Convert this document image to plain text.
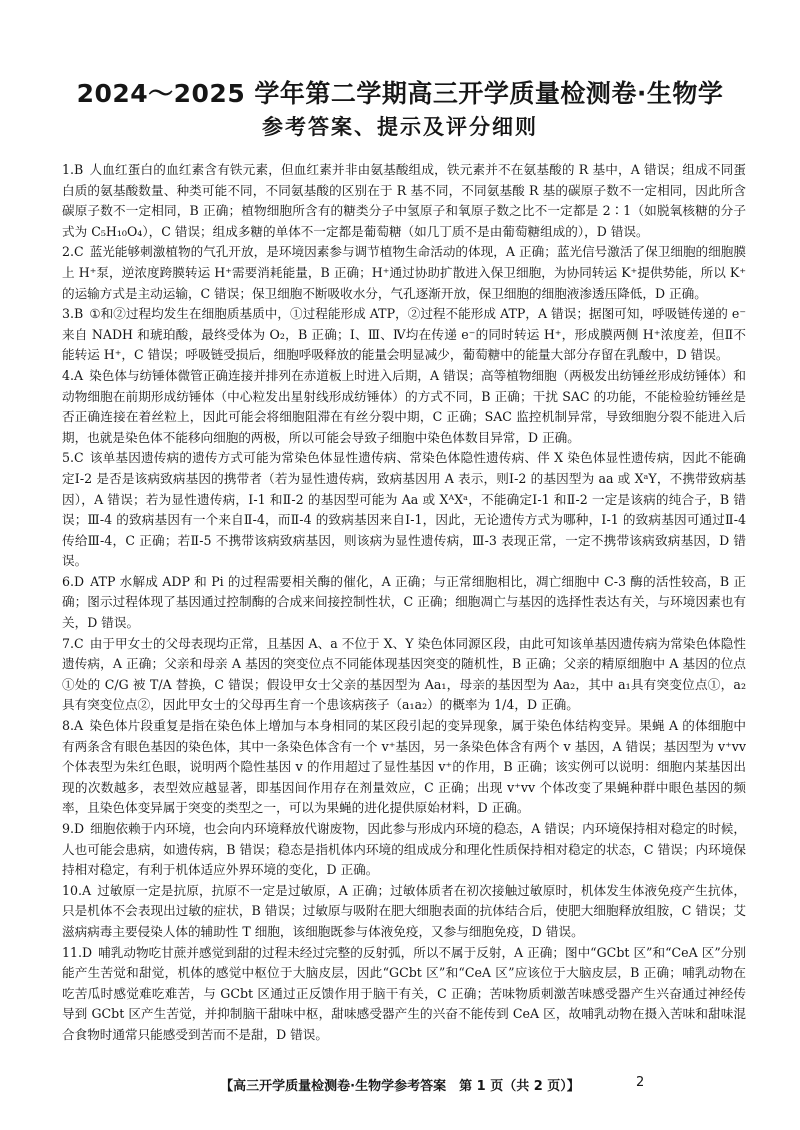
2024～2025 学年第二学期高三开学质量检测卷·生物学
参考答案、提示及评分细则

1.B 人血红蛋白的血红素含有铁元素，但血红素并非由氨基酸组成，铁元素并不在氨基酸的 R 基中，A 错误；组成不同蛋白质的氨基酸数量、种类可能不同，不同氨基酸的区别在于 R 基不同，不同氨基酸 R 基的碳原子数不一定相同，因此所含碳原子数不一定相同，B 正确；植物细胞所含有的糖类分子中氢原子和氧原子数之比不一定都是 2∶1（如脱氧核糖的分子式为 C₅H₁₀O₄），C 错误；组成多糖的单体不一定都是葡萄糖（如几丁质不是由葡萄糖组成的），D 错误。

2.C 蓝光能够刺激植物的气孔开放，是环境因素参与调节植物生命活动的体现，A 正确；蓝光信号激活了保卫细胞的细胞膜上 H⁺泵，逆浓度跨膜转运 H⁺需要消耗能量，B 正确；H⁺通过协助扩散进入保卫细胞，为协同转运 K⁺提供势能，所以 K⁺的运输方式是主动运输，C 错误；保卫细胞不断吸收水分，气孔逐渐开放，保卫细胞的细胞液渗透压降低，D 正确。

3.B ①和②过程均发生在细胞质基质中，①过程能形成 ATP，②过程不能形成 ATP，A 错误；据图可知，呼吸链传递的 e⁻来自 NADH 和琥珀酸，最终受体为 O₂，B 正确；Ⅰ、Ⅲ、Ⅳ均在传递 e⁻的同时转运 H⁺，形成膜两侧 H⁺浓度差，但Ⅱ不能转运 H⁺，C 错误；呼吸链受损后，细胞呼吸释放的能量会明显减少，葡萄糖中的能量大部分存留在乳酸中，D 错误。

4.A 染色体与纺锤体微管正确连接并排列在赤道板上时进入后期，A 错误；高等植物细胞（两极发出纺锤丝形成纺锤体）和动物细胞在前期形成纺锤体（中心粒发出星射线形成纺锤体）的方式不同，B 正确；干扰 SAC 的功能，不能检验纺锤丝是否正确连接在着丝粒上，因此可能会将细胞阻滞在有丝分裂中期，C 正确；SAC 监控机制异常，导致细胞分裂不能进入后期，也就是染色体不能移向细胞的两极，所以可能会导致子细胞中染色体数目异常，D 正确。

5.C 该单基因遗传病的遗传方式可能为常染色体显性遗传病、常染色体隐性遗传病、伴 X 染色体显性遗传病，因此不能确定Ⅰ-2 是否是该病致病基因的携带者（若为显性遗传病，致病基因用 A 表示，则Ⅰ-2 的基因型为 aa 或 XᵃY，不携带致病基因），A 错误；若为显性遗传病，Ⅰ-1 和Ⅱ-2 的基因型可能为 Aa 或 XᴬXᵃ，不能确定Ⅰ-1 和Ⅱ-2 一定是该病的纯合子，B 错误；Ⅲ-4 的致病基因有一个来自Ⅱ-4，而Ⅱ-4 的致病基因来自Ⅰ-1，因此，无论遗传方式为哪种，Ⅰ-1 的致病基因可通过Ⅱ-4 传给Ⅲ-4，C 正确；若Ⅱ-5 不携带该病致病基因，则该病为显性遗传病，Ⅲ-3 表现正常，一定不携带该病致病基因，D 错误。

6.D ATP 水解成 ADP 和 Pi 的过程需要相关酶的催化，A 正确；与正常细胞相比，凋亡细胞中 C-3 酶的活性较高，B 正确；图示过程体现了基因通过控制酶的合成来间接控制性状，C 正确；细胞凋亡与基因的选择性表达有关，与环境因素也有关，D 错误。

7.C 由于甲女士的父母表现均正常，且基因 A、a 不位于 X、Y 染色体同源区段，由此可知该单基因遗传病为常染色体隐性遗传病，A 正确；父亲和母亲 A 基因的突变位点不同能体现基因突变的随机性，B 正确；父亲的精原细胞中 A 基因的位点①处的 C/G 被 T/A 替换，C 错误；假设甲女士父亲的基因型为 Aa₁，母亲的基因型为 Aa₂，其中 a₁具有突变位点①，a₂具有突变位点②，因此甲女士的父母再生育一个患该病孩子（a₁a₂）的概率为 1/4，D 正确。

8.A 染色体片段重复是指在染色体上增加与本身相同的某区段引起的变异现象，属于染色体结构变异。果蝇 A 的体细胞中有两条含有眼色基因的染色体，其中一条染色体含有一个 v⁺基因，另一条染色体含有两个 v 基因，A 错误；基因型为 v⁺vv 个体表型为朱红色眼，说明两个隐性基因 v 的作用超过了显性基因 v⁺的作用，B 正确；该实例可以说明：细胞内某基因出现的次数越多，表型效应越显著，即基因间作用存在剂量效应，C 正确；出现 v⁺vv 个体改变了果蝇种群中眼色基因的频率，且染色体变异属于突变的类型之一，可以为果蝇的进化提供原始材料，D 正确。

9.D 细胞依赖于内环境，也会向内环境释放代谢废物，因此参与形成内环境的稳态，A 错误；内环境保持相对稳定的时候，人也可能会患病，如遗传病，B 错误；稳态是指机体内环境的组成成分和理化性质保持相对稳定的状态，C 错误；内环境保持相对稳定，有利于机体适应外界环境的变化，D 正确。

10.A 过敏原一定是抗原，抗原不一定是过敏原，A 正确；过敏体质者在初次接触过敏原时，机体发生体液免疫产生抗体，只是机体不会表现出过敏的症状，B 错误；过敏原与吸附在肥大细胞表面的抗体结合后，使肥大细胞释放组胺，C 错误；艾滋病病毒主要侵染人体的辅助性 T 细胞，该细胞既参与体液免疫，又参与细胞免疫，D 错误。

11.D 哺乳动物吃甘蔗并感觉到甜的过程未经过完整的反射弧，所以不属于反射，A 正确；图中“GCbt 区”和“CeA 区”分别能产生苦觉和甜觉，机体的感觉中枢位于大脑皮层，因此“GCbt 区”和“CeA 区”应该位于大脑皮层，B 正确；哺乳动物在吃苦瓜时感觉难吃难苦，与 GCbt 区通过正反馈作用于脑干有关，C 正确；苦味物质刺激苦味感受器产生兴奋通过神经传导到 GCbt 区产生苦觉，并抑制脑干甜味中枢，甜味感受器产生的兴奋不能传到 CeA 区，故哺乳动物在摄入苦味和甜味混合食物时通常只能感受到苦而不是甜，D 错误。

【高三开学质量检测卷·生物学参考答案　第 1 页（共 2 页）】	2
